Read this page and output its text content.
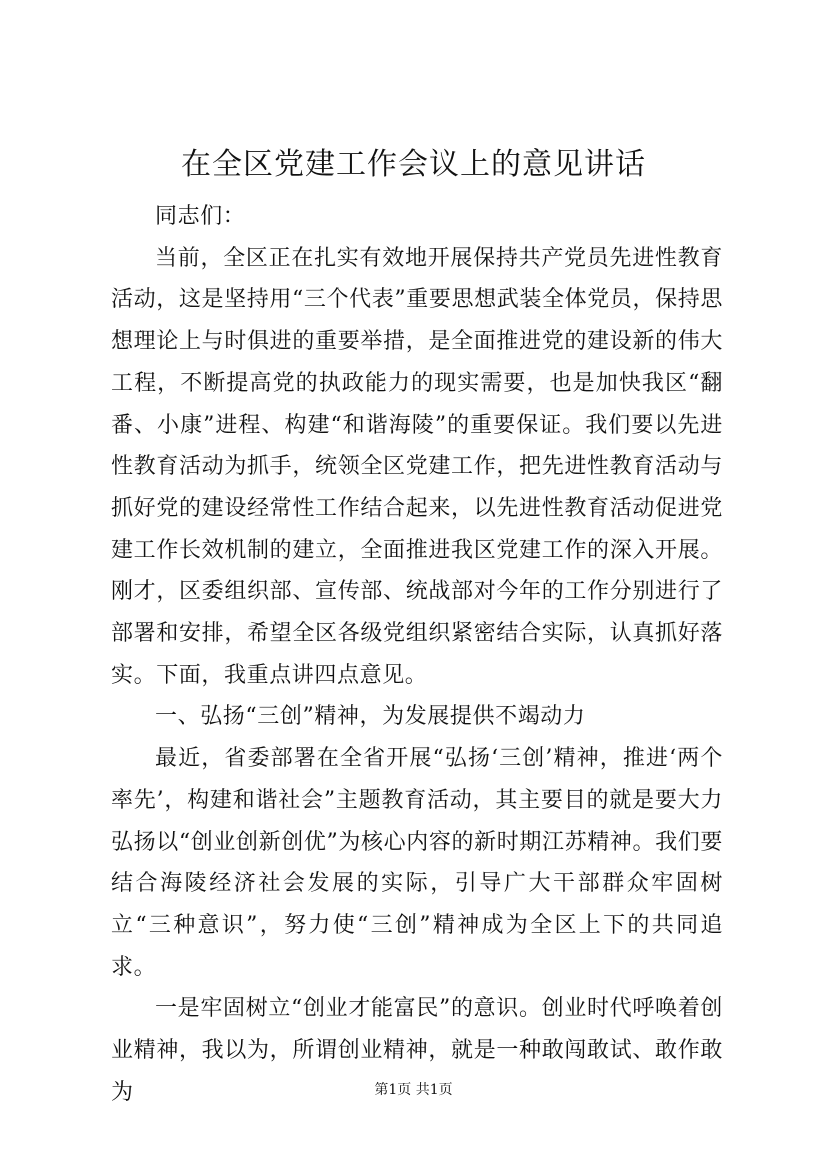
在全区党建工作会议上的意见讲话

同志们：

当前，全区正在扎实有效地开展保持共产党员先进性教育活动，这是坚持用“三个代表”重要思想武装全体党员，保持思想理论上与时俱进的重要举措，是全面推进党的建设新的伟大工程，不断提高党的执政能力的现实需要，也是加快我区“翻番、小康”进程、构建“和谐海陵”的重要保证。我们要以先进性教育活动为抓手，统领全区党建工作，把先进性教育活动与抓好党的建设经常性工作结合起来，以先进性教育活动促进党建工作长效机制的建立，全面推进我区党建工作的深入开展。刚才，区委组织部、宣传部、统战部对今年的工作分别进行了部署和安排，希望全区各级党组织紧密结合实际，认真抓好落实。下面，我重点讲四点意见。

一、弘扬“三创”精神，为发展提供不竭动力

最近，省委部署在全省开展“弘扬‘三创’精神，推进‘两个率先’，构建和谐社会”主题教育活动，其主要目的就是要大力弘扬以“创业创新创优”为核心内容的新时期江苏精神。我们要结合海陵经济社会发展的实际，引导广大干部群众牢固树立“三种意识”，努力使“三创”精神成为全区上下的共同追求。

一是牢固树立“创业才能富民”的意识。创业时代呼唤着创业精神，我以为，所谓创业精神，就是一种敢闯敢试、敢作敢为	第1页 共1页
